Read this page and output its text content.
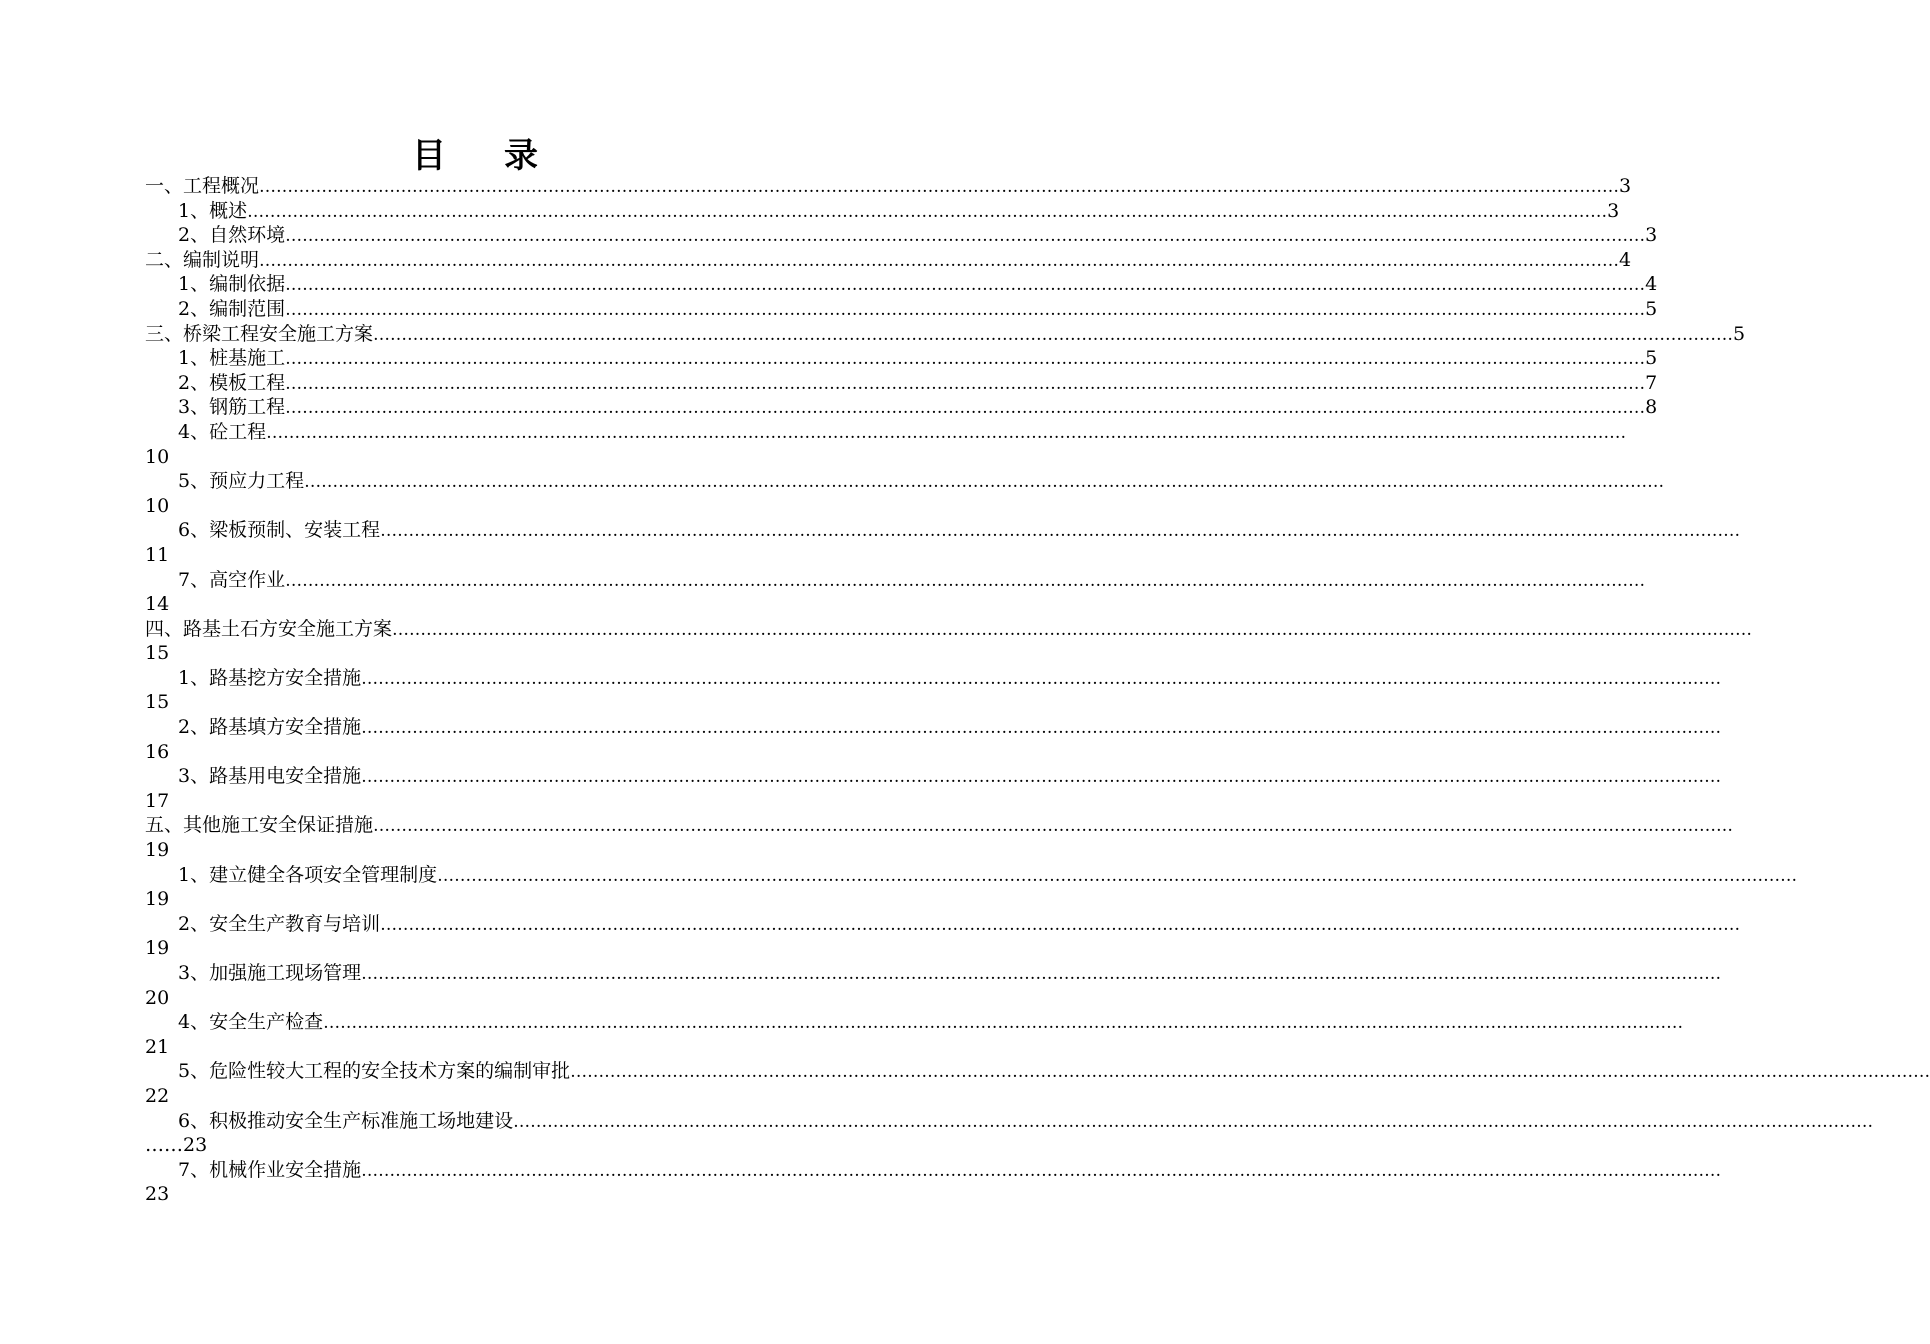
目 录
一、工程概况 …………………………………………………………………………………………………………………………………………………………………………………………………………………… 3
1、概述 …………………………………………………………………………………………………………………………………………………………………………………………………………………… 3
2、自然环境 …………………………………………………………………………………………………………………………………………………………………………………………………………………… 3
二、编制说明 …………………………………………………………………………………………………………………………………………………………………………………………………………………… 4
1、编制依据 …………………………………………………………………………………………………………………………………………………………………………………………………………………… 4
2、编制范围 …………………………………………………………………………………………………………………………………………………………………………………………………………………… 5
三、桥梁工程安全施工方案 …………………………………………………………………………………………………………………………………………………………………………………………………………………… 5
1、桩基施工 …………………………………………………………………………………………………………………………………………………………………………………………………………………… 5
2、模板工程 …………………………………………………………………………………………………………………………………………………………………………………………………………………… 7
3、钢筋工程 …………………………………………………………………………………………………………………………………………………………………………………………………………………… 8
4、砼工程 ……………………………………………………………………………………………………………………………………………………………………………………………………………………
10
5、预应力工程 ……………………………………………………………………………………………………………………………………………………………………………………………………………………
10
6、梁板预制、安装工程 ……………………………………………………………………………………………………………………………………………………………………………………………………………………
11
7、高空作业 ……………………………………………………………………………………………………………………………………………………………………………………………………………………
14
四、路基土石方安全施工方案 ……………………………………………………………………………………………………………………………………………………………………………………………………………………
15
1、路基挖方安全措施 ……………………………………………………………………………………………………………………………………………………………………………………………………………………
15
2、路基填方安全措施 ……………………………………………………………………………………………………………………………………………………………………………………………………………………
16
3、路基用电安全措施 ……………………………………………………………………………………………………………………………………………………………………………………………………………………
17
五、其他施工安全保证措施 ……………………………………………………………………………………………………………………………………………………………………………………………………………………
19
1、建立健全各项安全管理制度 ……………………………………………………………………………………………………………………………………………………………………………………………………………………
19
2、安全生产教育与培训 ……………………………………………………………………………………………………………………………………………………………………………………………………………………
19
3、加强施工现场管理 ……………………………………………………………………………………………………………………………………………………………………………………………………………………
20
4、安全生产检查 ……………………………………………………………………………………………………………………………………………………………………………………………………………………
21
5、危险性较大工程的安全技术方案的编制审批 ……………………………………………………………………………………………………………………………………………………………………………………………………………………
22
6、积极推动安全生产标准施工场地建设 ……………………………………………………………………………………………………………………………………………………………………………………………………………………
……23
7、机械作业安全措施 ……………………………………………………………………………………………………………………………………………………………………………………………………………………
23
